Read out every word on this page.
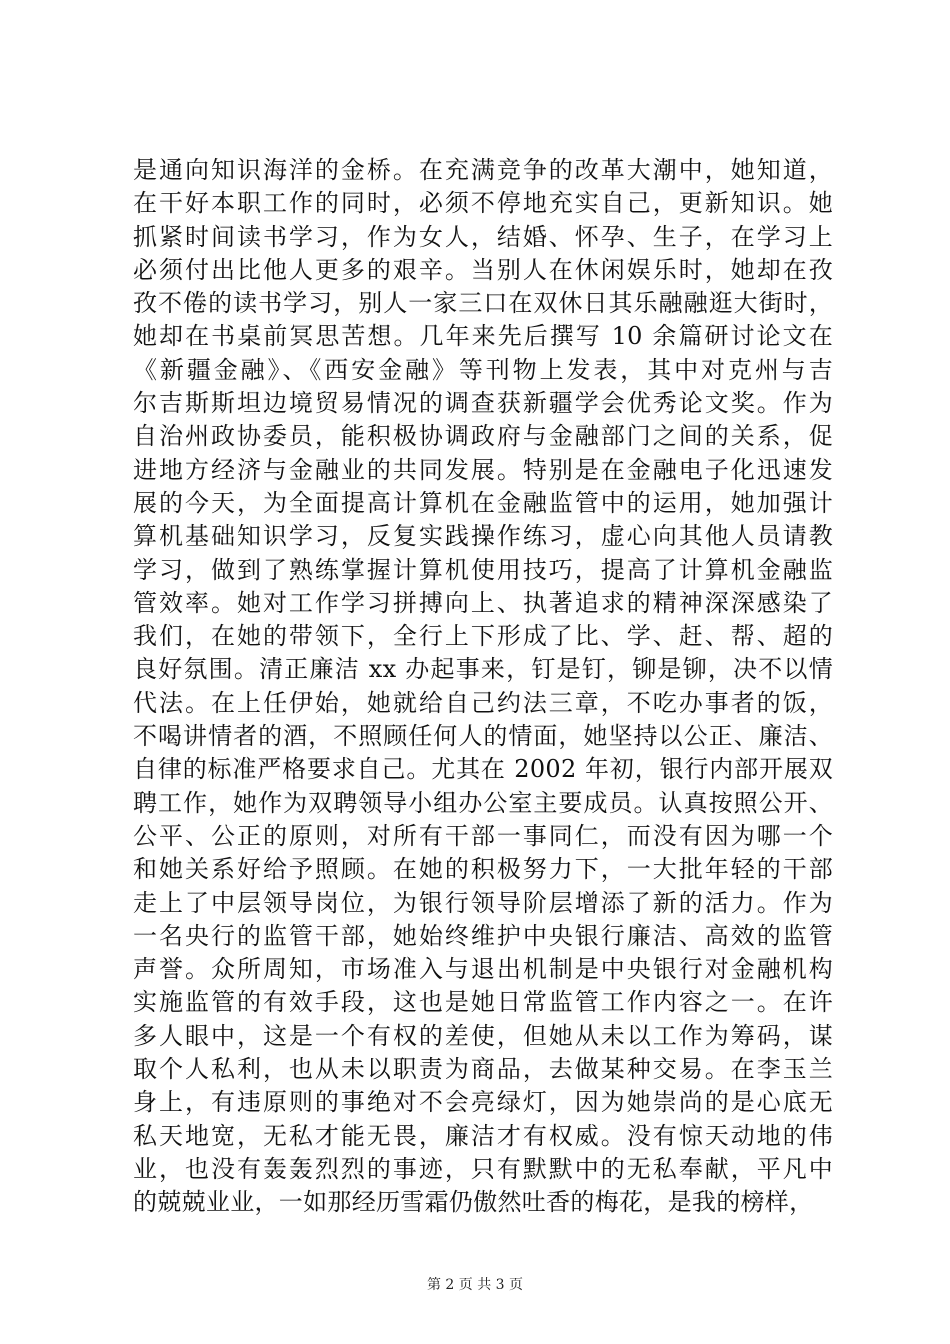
是通向知识海洋的金桥。在充满竞争的改革大潮中，她知道，
在干好本职工作的同时，必须不停地充实自己，更新知识。她
抓紧时间读书学习，作为女人，结婚、怀孕、生子，在学习上
必须付出比他人更多的艰辛。当别人在休闲娱乐时，她却在孜
孜不倦的读书学习，别人一家三口在双休日其乐融融逛大街时，
她却在书桌前冥思苦想。几年来先后撰写 10 余篇研讨论文在
《新疆金融》、《西安金融》等刊物上发表，其中对克州与吉
尔吉斯斯坦边境贸易情况的调查获新疆学会优秀论文奖。作为
自治州政协委员，能积极协调政府与金融部门之间的关系，促
进地方经济与金融业的共同发展。特别是在金融电子化迅速发
展的今天，为全面提高计算机在金融监管中的运用，她加强计
算机基础知识学习，反复实践操作练习，虚心向其他人员请教
学习，做到了熟练掌握计算机使用技巧，提高了计算机金融监
管效率。她对工作学习拼搏向上、执著追求的精神深深感染了
我们，在她的带领下，全行上下形成了比、学、赶、帮、超的
良好氛围。清正廉洁 xx 办起事来，钉是钉，铆是铆，决不以情
代法。在上任伊始，她就给自己约法三章，不吃办事者的饭，
不喝讲情者的酒，不照顾任何人的情面，她坚持以公正、廉洁、
自律的标准严格要求自己。尤其在 2002 年初，银行内部开展双
聘工作，她作为双聘领导小组办公室主要成员。认真按照公开、
公平、公正的原则，对所有干部一事同仁，而没有因为哪一个
和她关系好给予照顾。在她的积极努力下，一大批年轻的干部
走上了中层领导岗位，为银行领导阶层增添了新的活力。作为
一名央行的监管干部，她始终维护中央银行廉洁、高效的监管
声誉。众所周知，市场准入与退出机制是中央银行对金融机构
实施监管的有效手段，这也是她日常监管工作内容之一。在许
多人眼中，这是一个有权的差使，但她从未以工作为筹码，谋
取个人私利，也从未以职责为商品，去做某种交易。在李玉兰
身上，有违原则的事绝对不会亮绿灯，因为她崇尚的是心底无
私天地宽，无私才能无畏，廉洁才有权威。没有惊天动地的伟
业，也没有轰轰烈烈的事迹，只有默默中的无私奉献，平凡中
的兢兢业业，一如那经历雪霜仍傲然吐香的梅花，是我的榜样，
第 2 页 共 3 页
